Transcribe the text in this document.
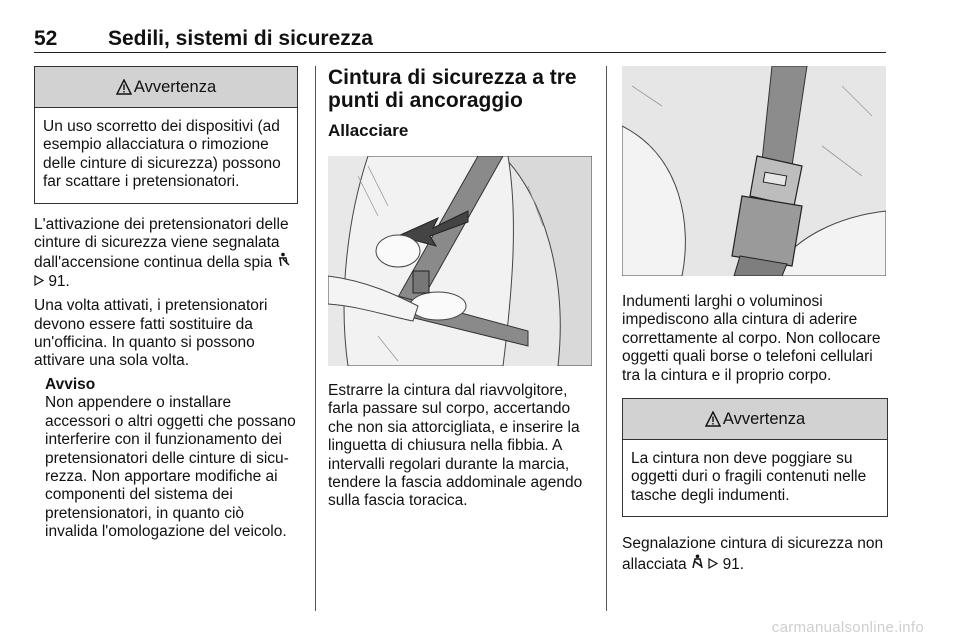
52 Sedili, sistemi di sicurezza
Avvertenza
Un uso scorretto dei dispositivi (ad esempio allacciatura o rimozione delle cinture di sicurezza) possono far scattare i pretensionatori.

L'attivazione dei pretensionatori delle cinture di sicurezza viene segnalata dall'accensione continua della spia
91.

Una volta attivati, i pretensionatori devono essere fatti sostituire da un'officina. In quanto si possono attivare una sola volta.

Avviso
Non appendere o installare accessori o altri oggetti che possano interferire con il funzionamento dei pretensionatori delle cinture di sicu-rezza. Non apportare modifiche ai componenti del sistema dei pretensionatori, in quanto ciò invalida l'omologazione del veicolo.
Cintura di sicurezza a tre punti di ancoraggio
Allacciare

Estrarre la cintura dal riavvolgitore, farla passare sul corpo, accertando che non sia attorcigliata, e inserire la linguetta di chiusura nella fibbia. A intervalli regolari durante la marcia, tendere la fascia addominale agendo sulla fascia toracica.

Indumenti larghi o voluminosi impediscono alla cintura di aderire correttamente al corpo. Non collocare oggetti quali borse o telefoni cellulari tra la cintura e il proprio corpo.

Avvertenza
La cintura non deve poggiare su oggetti duri o fragili contenuti nelle tasche degli indumenti.

Segnalazione cintura di sicurezza non allacciata 91.

carmanualsonline.info
